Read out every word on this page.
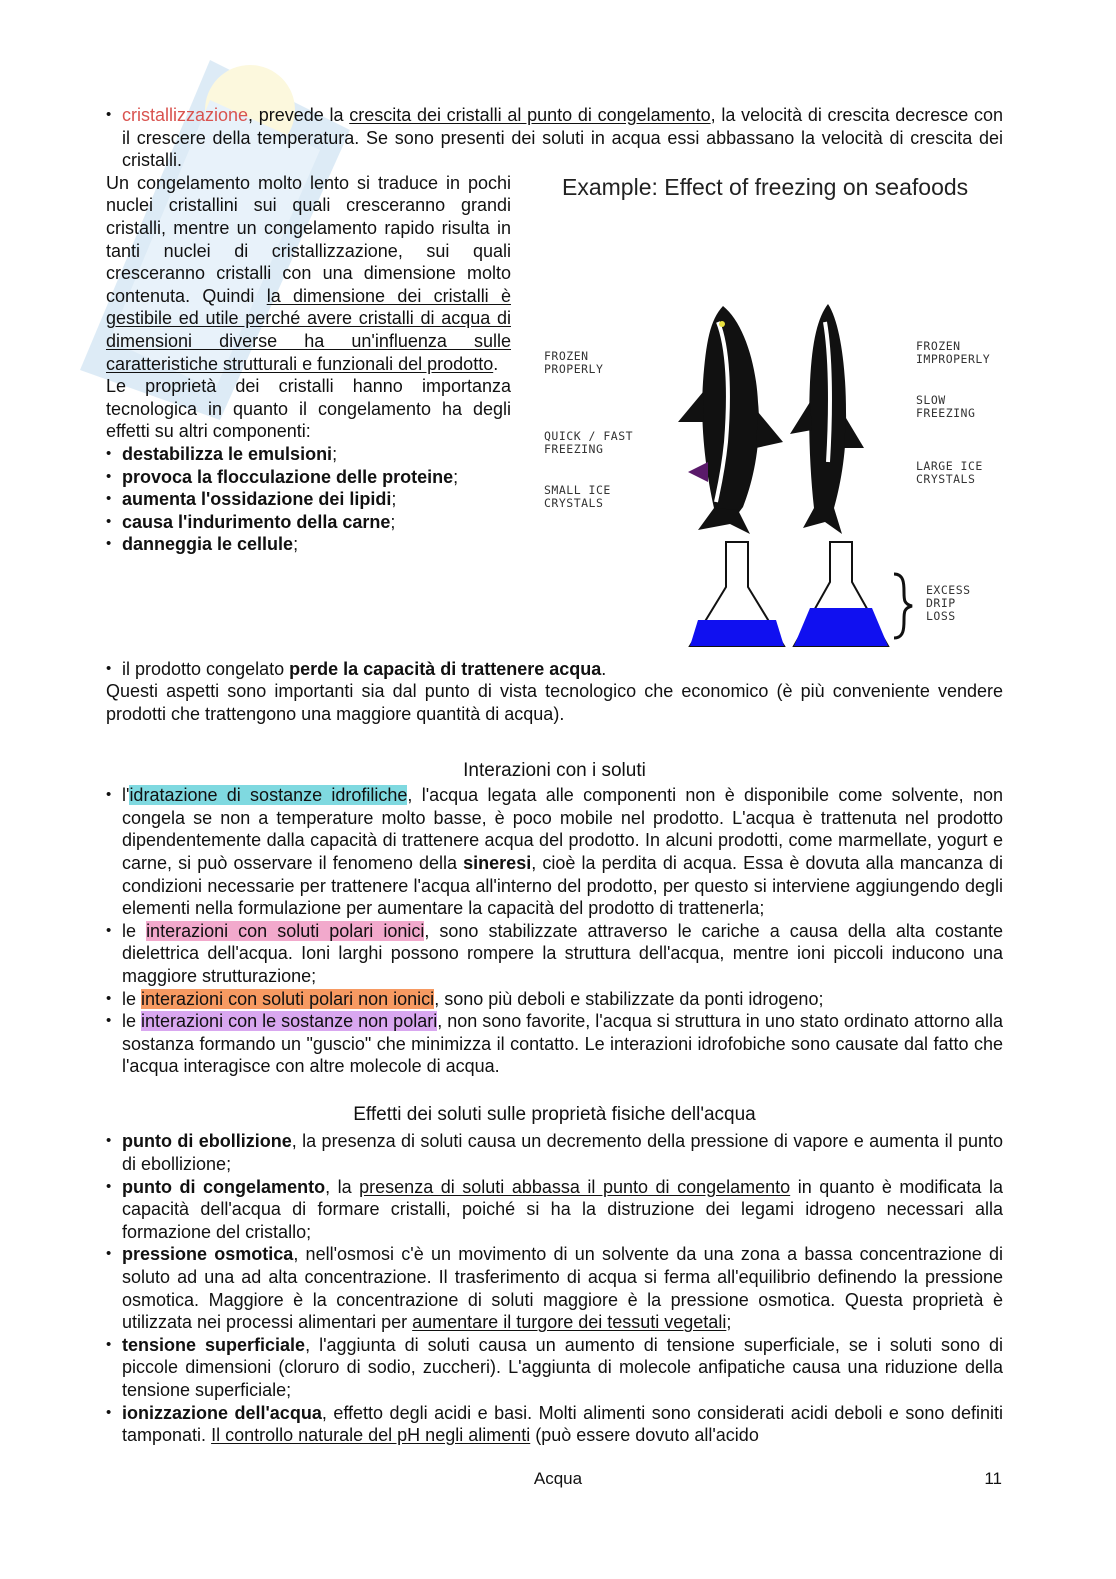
• cristallizzazione, prevede la crescita dei cristalli al punto di congelamento, la velocità di crescita decresce con il crescere della temperatura. Se sono presenti dei soluti in acqua essi abbassano la velocità di crescita dei cristalli.

Un congelamento molto lento si traduce in pochi nuclei cristallini sui quali cresceranno grandi cristalli, mentre un congelamento rapido risulta in tanti nuclei di cristallizzazione, sui quali cresceranno cristalli con una dimensione molto contenuta. Quindi la dimensione dei cristalli è gestibile ed utile perché avere cristalli di acqua di dimensioni diverse ha un'influenza sulle caratteristiche strutturali e funzionali del prodotto.

Le proprietà dei cristalli hanno importanza tecnologica in quanto il congelamento ha degli effetti su altri componenti:

• destabilizza le emulsioni;
• provoca la flocculazione delle proteine;
• aumenta l'ossidazione dei lipidi;
• causa l'indurimento della carne;
• danneggia le cellule;
Example: Effect of freezing on seafoods
FROZEN
PROPERLY
QUICK / FAST
FREEZING
SMALL ICE
CRYSTALS
FROZEN
IMPROPERLY
SLOW
FREEZING
LARGE ICE
CRYSTALS
EXCESS
DRIP
LOSS
• il prodotto congelato perde la capacità di trattenere acqua.

Questi aspetti sono importanti sia dal punto di vista tecnologico che economico (è più conveniente vendere prodotti che trattengono una maggiore quantità di acqua).

Interazioni con i soluti
• l'idratazione di sostanze idrofiliche, l'acqua legata alle componenti non è disponibile come solvente, non congela se non a temperature molto basse, è poco mobile nel prodotto. L'acqua è trattenuta nel prodotto dipendentemente dalla capacità di trattenere acqua del prodotto. In alcuni prodotti, come marmellate, yogurt e carne, si può osservare il fenomeno della sineresi, cioè la perdita di acqua. Essa è dovuta alla mancanza di condizioni necessarie per trattenere l'acqua all'interno del prodotto, per questo si interviene aggiungendo degli elementi nella formulazione per aumentare la capacità del prodotto di trattenerla;
• le interazioni con soluti polari ionici, sono stabilizzate attraverso le cariche a causa della alta costante dielettrica dell'acqua. Ioni larghi possono rompere la struttura dell'acqua, mentre ioni piccoli inducono una maggiore strutturazione;
• le interazioni con soluti polari non ionici, sono più deboli e stabilizzate da ponti idrogeno;
• le interazioni con le sostanze non polari, non sono favorite, l'acqua si struttura in uno stato ordinato attorno alla sostanza formando un "guscio" che minimizza il contatto. Le interazioni idrofobiche sono causate dal fatto che l'acqua interagisce con altre molecole di acqua.
Effetti dei soluti sulle proprietà fisiche dell'acqua
• punto di ebollizione, la presenza di soluti causa un decremento della pressione di vapore e aumenta il punto di ebollizione;
• punto di congelamento, la presenza di soluti abbassa il punto di congelamento in quanto è modificata la capacità dell'acqua di formare cristalli, poiché si ha la distruzione dei legami idrogeno necessari alla formazione del cristallo;
• pressione osmotica, nell'osmosi c'è un movimento di un solvente da una zona a bassa concentrazione di soluto ad una ad alta concentrazione. Il trasferimento di acqua si ferma all'equilibrio definendo la pressione osmotica. Maggiore è la concentrazione di soluti maggiore è la pressione osmotica. Questa proprietà è utilizzata nei processi alimentari per aumentare il turgore dei tessuti vegetali;
• tensione superficiale, l'aggiunta di soluti causa un aumento di tensione superficiale, se i soluti sono di piccole dimensioni (cloruro di sodio, zuccheri). L'aggiunta di molecole anfipatiche causa una riduzione della tensione superficiale;
• ionizzazione dell'acqua, effetto degli acidi e basi. Molti alimenti sono considerati acidi deboli e sono definiti tamponati. Il controllo naturale del pH negli alimenti (può essere dovuto all'acido
Acqua	11
